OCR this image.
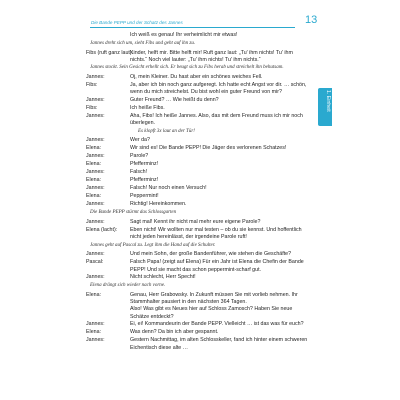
Die Bande PEPP und der Schatz des Jannes	13
1. Einheit
Ich weiß es genau! Ihr verheimlicht mir etwas!
Jannes dreht sich um, sieht Fibs und geht auf ihn zu.
Fibs (ruft ganz laut):
Kinder, helft mir. Bitte helft mir! Ruft ganz laut: „Tu' ihm nichts! Tu' ihm nichts.“ Noch viel lauter: „Tu' ihm nichts! Tu' ihm nichts.“
Jannes stockt. Sein Gesicht erhellt sich. Er beugt sich zu Fibs herab und streichelt ihn behutsam.
Jannes:	Oj, mein Kleiner. Du hast aber ein schönes weiches Fell.
Fibs:	Ja, aber ich bin noch ganz aufgeregt. Ich hatte echt Angst vor dir. … schön, wenn du mich streichelst. Du bist wohl ein guter Freund von mir?
Jannes:	Guter Freund? … Wie heißt du denn?
Fibs:	Ich heiße Fibs.
Jannes:	Aha, Fibs! Ich heiße Jannes. Also, das mit dem Freund muss ich mir noch überlegen.
Es klopft 3x laut an der Tür!
Jannes:	Wer da?
Elena:	Wir sind es! Die Bande PEPP! Die Jäger des verlorenen Schatzes!
Jannes:	Parole?
Elena:	Pfefferminz!
Jannes:	Falsch!
Elena:	Pfefferminz!
Jannes:	Falsch! Nur noch einen Versuch!
Elena:	Peppermint!
Jannes:	Richtig! Hereinkommen.
Die Bande PEPP stürmt das Schlossgarten
Jannes:	Sagt mal! Kennt ihr nicht mal mehr eure eigene Parole?
Elena (lacht):	Eben nicht! Wir wollten nur mal testen – ob du sie kennst. Und hoffentlich nicht jeden hereinlässt, der irgendeine Parole ruft!
Jannes geht auf Pascal zu. Legt ihm die Hand auf die Schulter.
Jannes:	Und mein Sohn, der große Bandenführer, wie stehen die Geschäfte?
Pascal:	Falsch Papa! (zeigt auf Elena) Für ein Jahr ist Elena die Chefin der Bande PEPP! Und sie macht das schon peppermint-scharf gut.
Jannes:	Nicht schlecht, Herr Specht!
Elena drängt sich wieder nach vorne.
Elena:	Genau, Herr Grabowsky. In Zukunft müssen Sie mit vorlieb nehmen. Ihr Stammhalter pausiert in den nächsten 364 Tagen.
Also! Was gibt es Neues hier auf Schloss Zamosch? Haben Sie neue Schätze entdeckt?
Jannes:	Ei, ei! Kommandeurin der Bande PEPP. Vielleicht … ist das was für euch?
Elena:	Was denn? Da bin ich aber gespannt.
Jannes:	Gestern Nachmittag, im alten Schlosskeller, fand ich hinter einem schweren Eichentisch diese alte …
